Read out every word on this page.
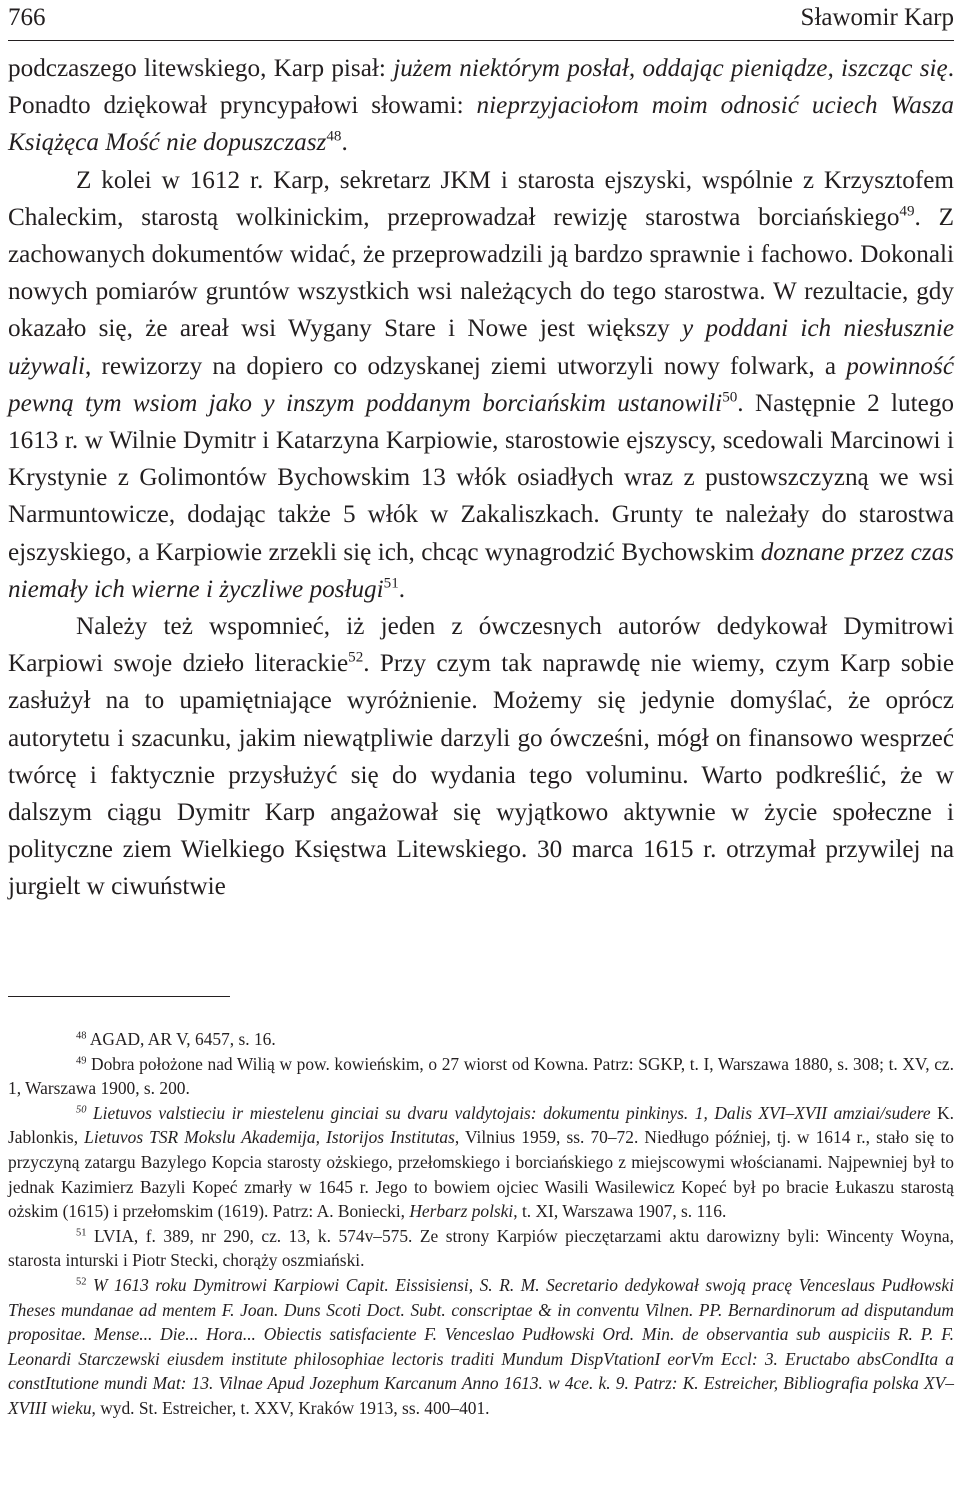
766	Sławomir Karp

podczaszego litewskiego, Karp pisał: jużem niektórym posłał, oddając pieniądze, iszcząc się. Ponadto dziękował pryncypałowi słowami: nieprzyjaciołom moim odnosić uciech Wasza Książęca Mość nie dopuszczasz$^{48}$.

Z kolei w 1612 r. Karp, sekretarz JKM i starosta ejszyski, wspólnie z Krzysztofem Chaleckim, starostą wolkinickim, przeprowadzał rewizję starostwa borciańskiego$^{49}$. Z zachowanych dokumentów widać, że przeprowadzili ją bardzo sprawnie i fachowo. Dokonali nowych pomiarów gruntów wszystkich wsi należących do tego starostwa. W rezultacie, gdy okazało się, że areał wsi Wygany Stare i Nowe jest większy y poddani ich niesłusznie używali, rewizorzy na dopiero co odzyskanej ziemi utworzyli nowy folwark, a powinność pewną tym wsiom jako y inszym poddanym borciańskim ustanowili$^{50}$. Następnie 2 lutego 1613 r. w Wilnie Dymitr i Katarzyna Karpiowie, starostowie ejszyscy, scedowali Marcinowi i Krystynie z Golimontów Bychowskim 13 włók osiadłych wraz z pustowszczyzną we wsi Narmuntowicze, dodając także 5 włók w Zakaliszkach. Grunty te należały do starostwa ejszyskiego, a Karpiowie zrzekli się ich, chcąc wynagrodzić Bychowskim doznane przez czas niemały ich wierne i życzliwe posługi$^{51}$.

Należy też wspomnieć, iż jeden z ówczesnych autorów dedykował Dymitrowi Karpiowi swoje dzieło literackie$^{52}$. Przy czym tak naprawdę nie wiemy, czym Karp sobie zasłużył na to upamiętniające wyróżnienie. Możemy się jedynie domyślać, że oprócz autorytetu i szacunku, jakim niewątpliwie darzyli go ówcześni, mógł on finansowo wesprzeć twórcę i faktycznie przysłużyć się do wydania tego voluminu. Warto podkreślić, że w dalszym ciągu Dymitr Karp angażował się wyjątkowo aktywnie w życie społeczne i polityczne ziem Wielkiego Księstwa Litewskiego. 30 marca 1615 r. otrzymał przywilej na jurgielt w ciwuństwie

$^{48}$ AGAD, AR V, 6457, s. 16.

$^{49}$ Dobra położone nad Wilią w pow. kowieńskim, o 27 wiorst od Kowna. Patrz: SGKP, t. I, Warszawa 1880, s. 308; t. XV, cz. 1, Warszawa 1900, s. 200.

$^{50}$ Lietuvos valstieciu ir miestelenu ginciai su dvaru valdytojais: dokumentu pinkinys. 1, Dalis XVI–XVII amziai/sudere K. Jablonkis, Lietuvos TSR Mokslu Akademija, Istorijos Institutas, Vilnius 1959, ss. 70–72. Niedługo później, tj. w 1614 r., stało się to przyczyną zatargu Bazylego Kopcia starosty ożskiego, przełomskiego i borciańskiego z miejscowymi włościanami. Najpewniej był to jednak Kazimierz Bazyli Kopeć zmarły w 1645 r. Jego to bowiem ojciec Wasili Wasilewicz Kopeć był po bracie Łukaszu starostą ożskim (1615) i przełomskim (1619). Patrz: A. Boniecki, Herbarz polski, t. XI, Warszawa 1907, s. 116.

$^{51}$ LVIA, f. 389, nr 290, cz. 13, k. 574v–575. Ze strony Karpiów pieczętarzami aktu darowizny byli: Wincenty Woyna, starosta inturski i Piotr Stecki, chorąży oszmiański.

$^{52}$ W 1613 roku Dymitrowi Karpiowi Capit. Eissisiensi, S. R. M. Secretario dedykował swoją pracę Venceslaus Pudłowski Theses mundanae ad mentem F. Joan. Duns Scoti Doct. Subt. conscriptae & in conventu Vilnen. PP. Bernardinorum ad disputandum propositae. Mense... Die... Hora... Obiectis satisfaciente F. Venceslao Pudłowski Ord. Min. de observantia sub auspiciis R. P. F. Leonardi Starczewski eiusdem institute philosophiae lectoris traditi Mundum DispVtationI eorVm Eccl: 3. Eructabo absCondIta a constItutione mundi Mat: 13. Vilnae Apud Jozephum Karcanum Anno 1613. w 4ce. k. 9. Patrz: K. Estreicher, Bibliografia polska XV–XVIII wieku, wyd. St. Estreicher, t. XXV, Kraków 1913, ss. 400–401.
